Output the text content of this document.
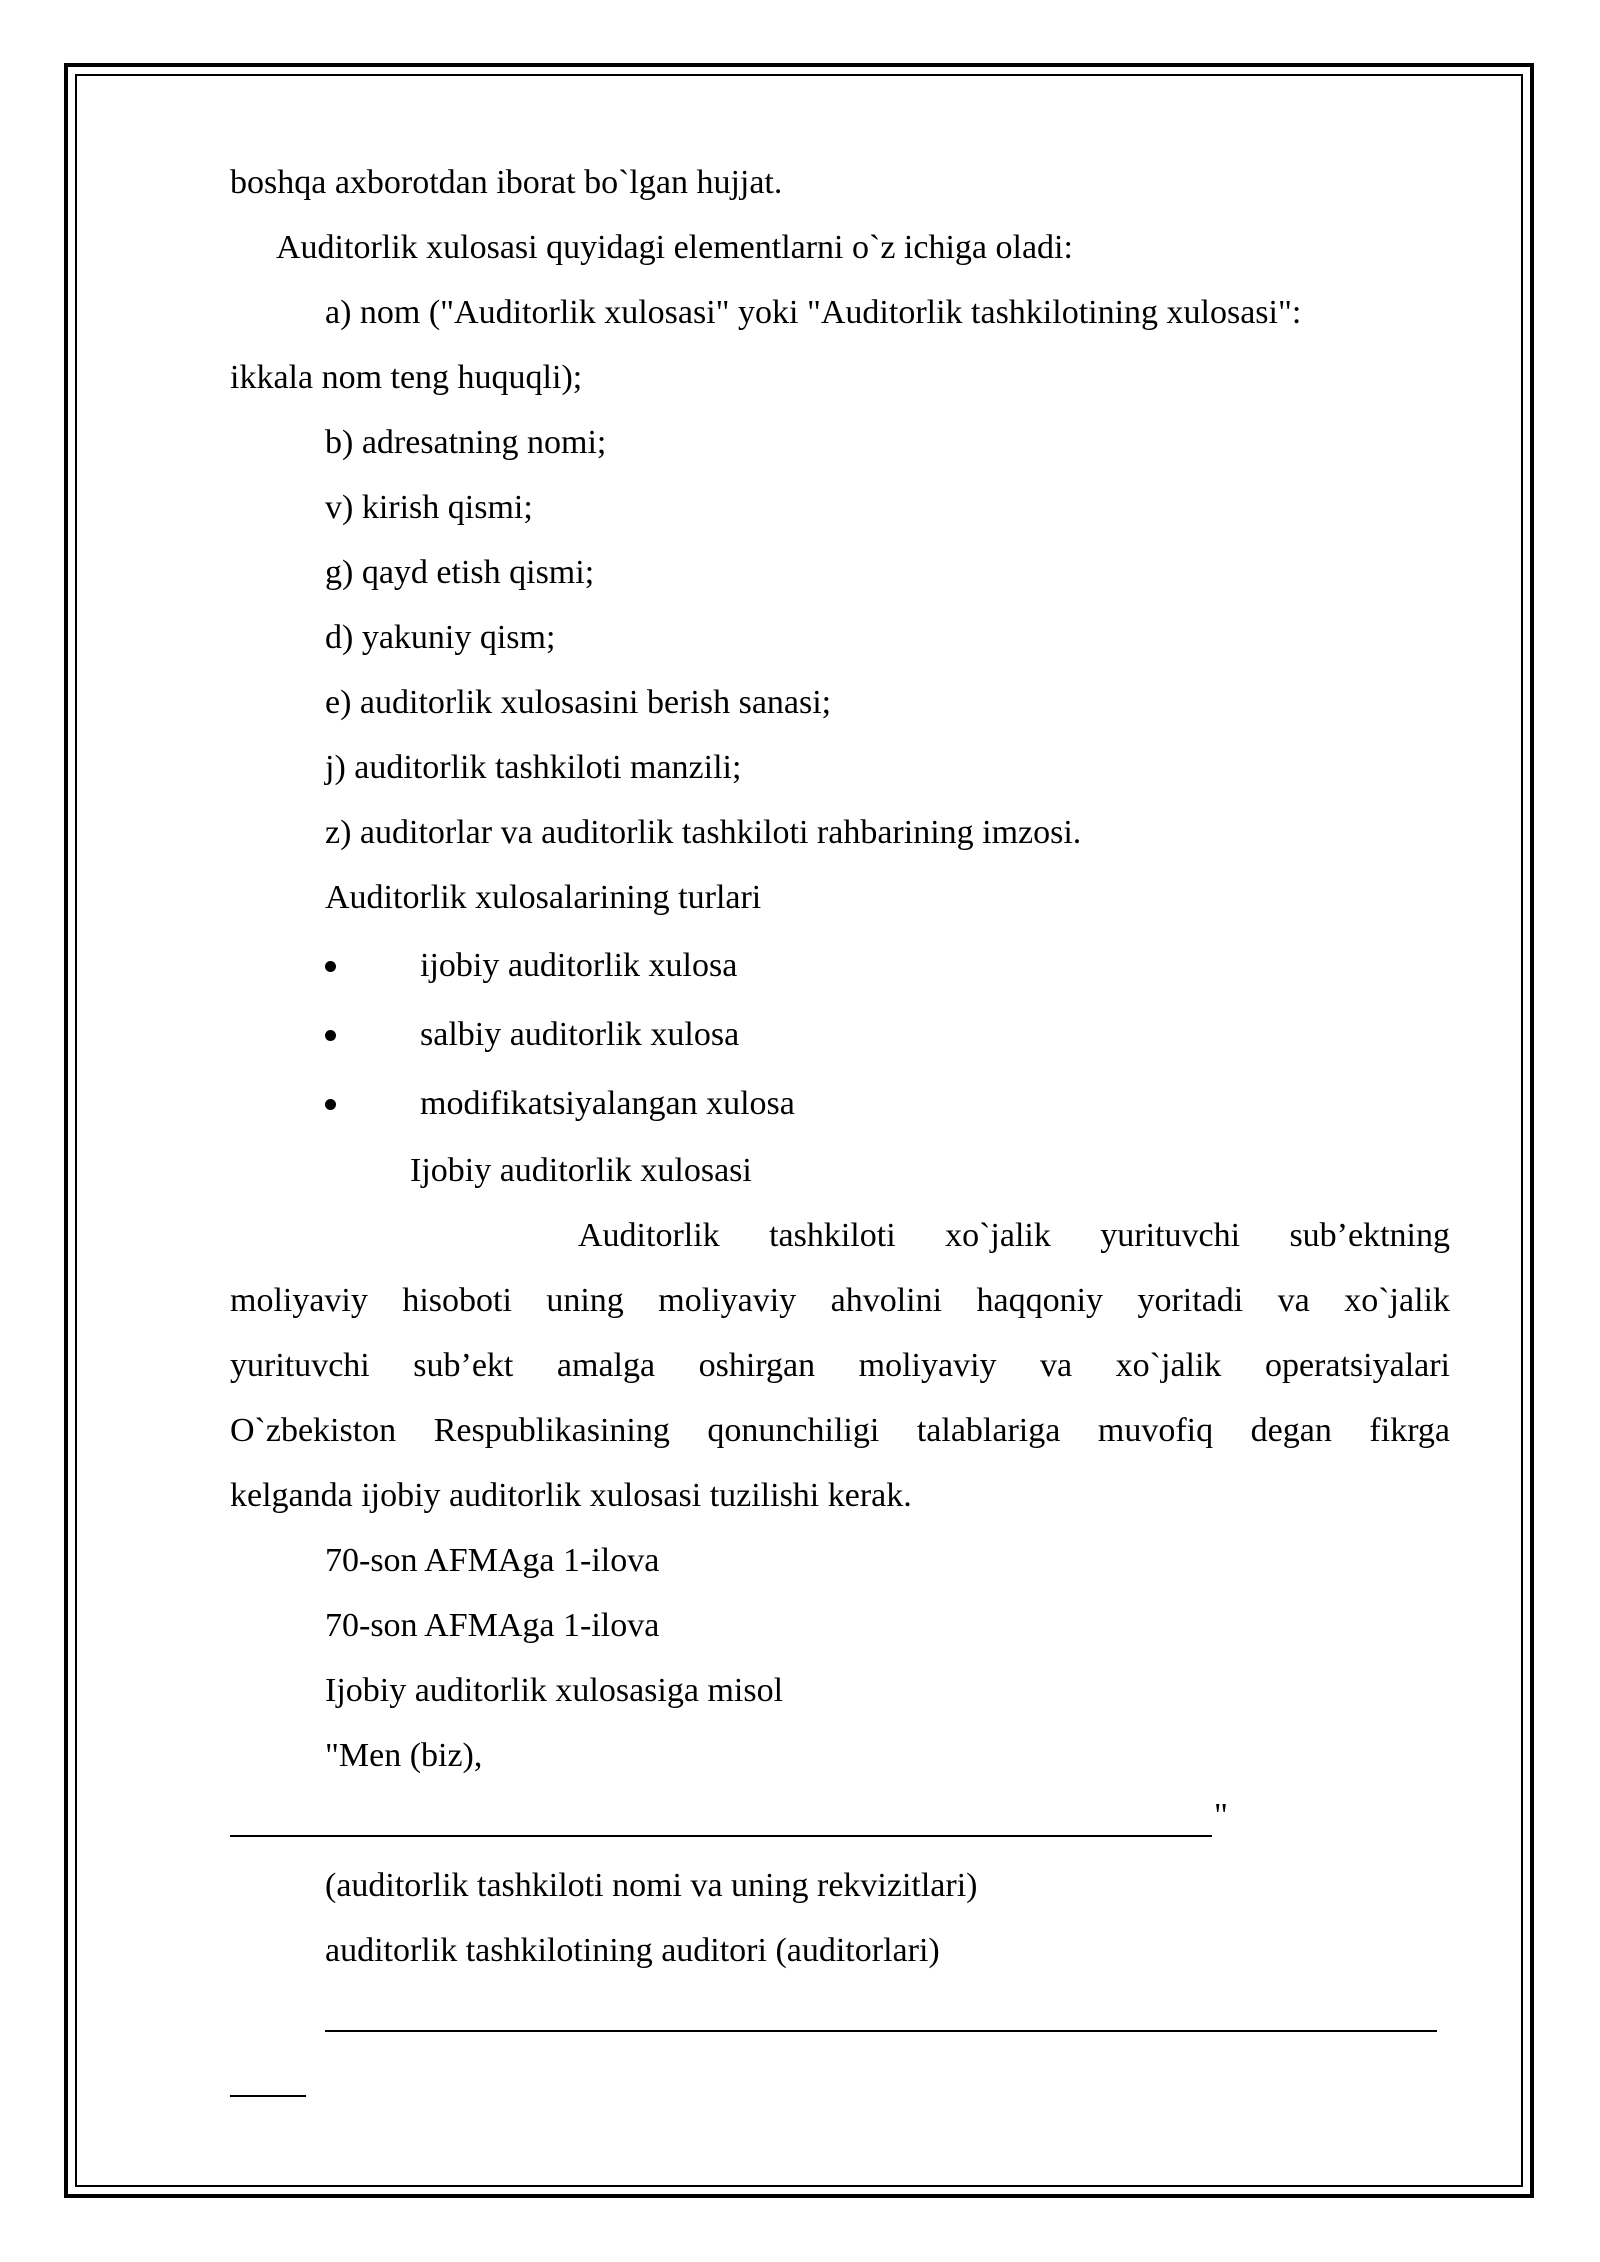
boshqa axborotdan iborat bo`lgan hujjat.
Auditorlik xulosasi quyidagi elementlarni o`z ichiga oladi:
a) nom ("Auditorlik xulosasi" yoki "Auditorlik tashkilotining xulosasi":
ikkala nom teng huquqli);
b) adresatning nomi;
v) kirish qismi;
g) qayd etish qismi;
d) yakuniy qism;
e) auditorlik xulosasini berish sanasi;
j) auditorlik tashkiloti manzili;
z) auditorlar va auditorlik tashkiloti rahbarining imzosi.
Auditorlik xulosalarining turlari
ijobiy auditorlik xulosa
salbiy auditorlik xulosa
modifikatsiyalangan xulosa
Ijobiy auditorlik xulosasi
Auditorlik tashkiloti xo`jalik yurituvchi sub’ektning
moliyaviy hisoboti uning moliyaviy ahvolini haqqoniy yoritadi va xo`jalik
yurituvchi sub’ekt amalga oshirgan moliyaviy va xo`jalik operatsiyalari
O`zbekiston Respublikasining qonunchiligi talablariga muvofiq degan fikrga
kelganda ijobiy auditorlik xulosasi tuzilishi kerak.
70-son AFMAga 1-ilova
70-son AFMAga 1-ilova
Ijobiy auditorlik xulosasiga misol
"Men (biz),
"
(auditorlik tashkiloti nomi va uning rekvizitlari)
auditorlik tashkilotining auditori (auditorlari)
